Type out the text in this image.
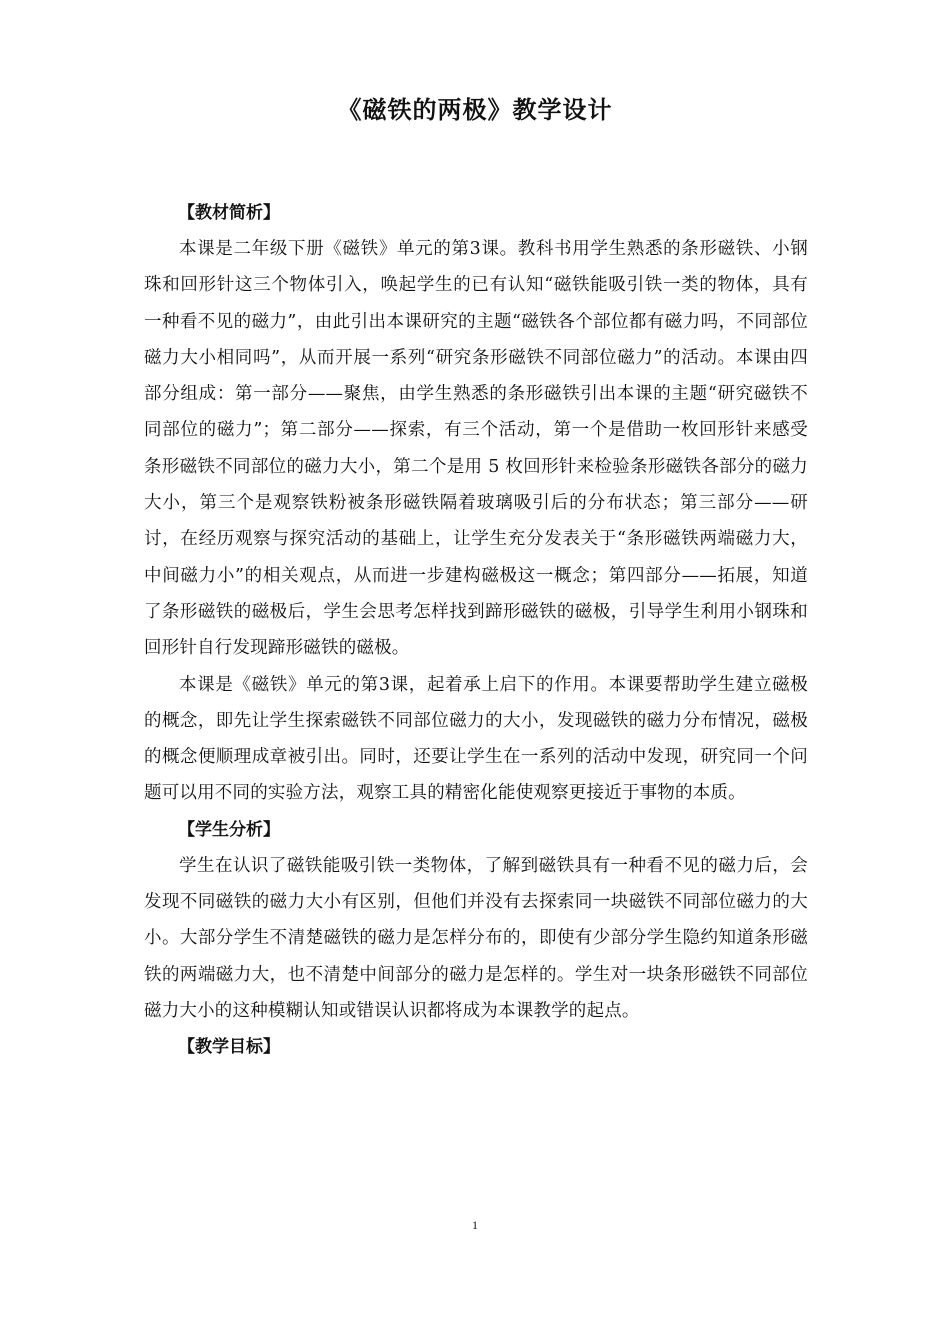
《磁铁的两极》教学设计
【教材简析】

本课是二年级下册《磁铁》单元的第3课。教科书用学生熟悉的条形磁铁、小钢珠和回形针这三个物体引入，唤起学生的已有认知“磁铁能吸引铁一类的物体，具有一种看不见的磁力”，由此引出本课研究的主题“磁铁各个部位都有磁力吗，不同部位磁力大小相同吗”，从而开展一系列“研究条形磁铁不同部位磁力”的活动。本课由四部分组成：第一部分——聚焦，由学生熟悉的条形磁铁引出本课的主题“研究磁铁不同部位的磁力”；第二部分——探索，有三个活动，第一个是借助一枚回形针来感受条形磁铁不同部位的磁力大小，第二个是用 5 枚回形针来检验条形磁铁各部分的磁力大小，第三个是观察铁粉被条形磁铁隔着玻璃吸引后的分布状态；第三部分——研讨，在经历观察与探究活动的基础上，让学生充分发表关于“条形磁铁两端磁力大，中间磁力小”的相关观点，从而进一步建构磁极这一概念；第四部分——拓展，知道了条形磁铁的磁极后，学生会思考怎样找到蹄形磁铁的磁极，引导学生利用小钢珠和回形针自行发现蹄形磁铁的磁极。

本课是《磁铁》单元的第3课，起着承上启下的作用。本课要帮助学生建立磁极的概念，即先让学生探索磁铁不同部位磁力的大小，发现磁铁的磁力分布情况，磁极的概念便顺理成章被引出。同时，还要让学生在一系列的活动中发现，研究同一个问题可以用不同的实验方法，观察工具的精密化能使观察更接近于事物的本质。

【学生分析】

学生在认识了磁铁能吸引铁一类物体，了解到磁铁具有一种看不见的磁力后，会发现不同磁铁的磁力大小有区别，但他们并没有去探索同一块磁铁不同部位磁力的大小。大部分学生不清楚磁铁的磁力是怎样分布的，即使有少部分学生隐约知道条形磁铁的两端磁力大，也不清楚中间部分的磁力是怎样的。学生对一块条形磁铁不同部位磁力大小的这种模糊认知或错误认识都将成为本课教学的起点。

【教学目标】
1
